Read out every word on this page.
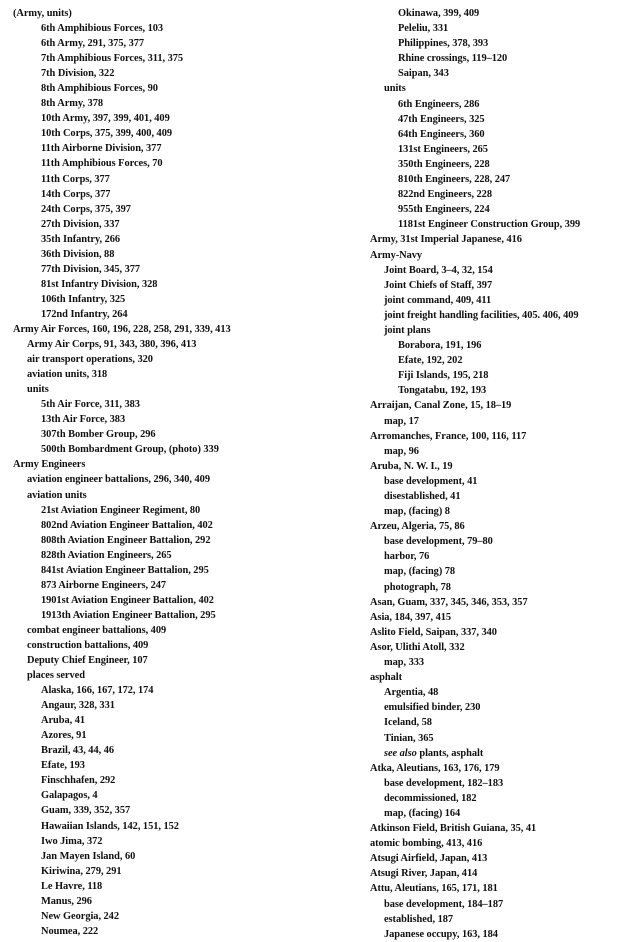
(Army, units)
6th Amphibious Forces, 103
6th Army, 291, 375, 377
7th Amphibious Forces, 311, 375
7th Division, 322
8th Amphibious Forces, 90
8th Army, 378
10th Army, 397, 399, 401, 409
10th Corps, 375, 399, 400, 409
11th Airborne Division, 377
11th Amphibious Forces, 70
11th Corps, 377
14th Corps, 377
24th Corps, 375, 397
27th Division, 337
35th Infantry, 266
36th Division, 88
77th Division, 345, 377
81st Infantry Division, 328
106th Infantry, 325
172nd Infantry, 264
Army Air Forces, 160, 196, 228, 258, 291, 339, 413
Army Air Corps, 91, 343, 380, 396, 413
air transport operations, 320
aviation units, 318
units
5th Air Force, 311, 383
13th Air Force, 383
307th Bomber Group, 296
500th Bombardment Group, (photo) 339
Army Engineers
aviation engineer battalions, 296, 340, 409
aviation units
21st Aviation Engineer Regiment, 80
802nd Aviation Engineer Battalion, 402
808th Aviation Engineer Battalion, 292
828th Aviation Engineers, 265
841st Aviation Engineer Battalion, 295
873 Airborne Engineers, 247
1901st Aviation Engineer Battalion, 402
1913th Aviation Engineer Battalion, 295
combat engineer battalions, 409
construction battalions, 409
Deputy Chief Engineer, 107
places served
Alaska, 166, 167, 172, 174
Angaur, 328, 331
Aruba, 41
Azores, 91
Brazil, 43, 44, 46
Efate, 193
Finschhafen, 292
Galapagos, 4
Guam, 339, 352, 357
Hawaiian Islands, 142, 151, 152
Iwo Jima, 372
Jan Mayen Island, 60
Kiriwina, 279, 291
Le Havre, 118
Manus, 296
New Georgia, 242
Noumea, 222
Okinawa, 399, 409
Peleliu, 331
Philippines, 378, 393
Rhine crossings, 119–120
Saipan, 343
units
6th Engineers, 286
47th Engineers, 325
64th Engineers, 360
131st Engineers, 265
350th Engineers, 228
810th Engineers, 228, 247
822nd Engineers, 228
955th Engineers, 224
1181st Engineer Construction Group, 399
Army, 31st Imperial Japanese, 416
Army-Navy
Joint Board, 3–4, 32, 154
Joint Chiefs of Staff, 397
joint command, 409, 411
joint freight handling facilities, 405. 406, 409
joint plans
Borabora, 191, 196
Efate, 192, 202
Fiji Islands, 195, 218
Tongatabu, 192, 193
Arraijan, Canal Zone, 15, 18–19
map, 17
Arromanches, France, 100, 116, 117
map, 96
Aruba, N. W. I., 19
base development, 41
disestablished, 41
map, (facing) 8
Arzeu, Algeria, 75, 86
base development, 79–80
harbor, 76
map, (facing) 78
photograph, 78
Asan, Guam, 337, 345, 346, 353, 357
Asia, 184, 397, 415
Aslito Field, Saipan, 337, 340
Asor, Ulithi Atoll, 332
map, 333
asphalt
Argentia, 48
emulsified binder, 230
Iceland, 58
Tinian, 365
see also plants, asphalt
Atka, Aleutians, 163, 176, 179
base development, 182–183
decommissioned, 182
map, (facing) 164
Atkinson Field, British Guiana, 35, 41
atomic bombing, 413, 416
Atsugi Airfield, Japan, 413
Atsugi River, Japan, 414
Attu, Aleutians, 165, 171, 181
base development, 184–187
established, 187
Japanese occupy, 163, 184
